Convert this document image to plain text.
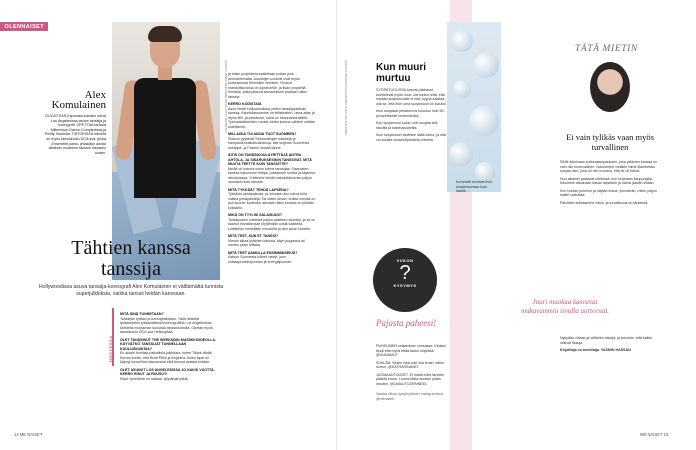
OLENNAISET
Alex Komulainen
23-VUOTIAS Espoosta kotoisin oleva Los Angelesissa asuva tanssija ja koreografi. OPETTAA tanssia Millennium Dance Complexissa ja Pmilly Studiolla. TIKTOKISSA hänellä on myös tanssikoulu DCA:ssa, jonka Ensemble-valmi- jesiskäyn alusta aikaisiin modernin tanssin mestarin uuden.
TEKSTI LINNEA MURROBE KUVA LOTTA RUOKOLIA
Tähtien kanssa
tanssija
Hollywoodissa asuva tanssija-koreografi Alex Komulainen ei välttämättä tunnista superjulkkiksia, vaikka tanssii heidän kanssaan.
HOSTESSA

MITÄ SINÄ TUNNETAAN?
Tanssijan työtäni ja koreografioitani. Tällä hetkellä työskentelen pääasiallisesti koreografina Los Angelesissa kahdella muutaman kuulusta tanssistudiolla. Opetan myös tanssikoulu DCA:ssa Helsingissä.

OLET TANSSINUT THE WEEKNDIN MUSIIKKIVIDEOLLA. KÄYVÄTKÖ TANSSIJAT TUNNELLAAN KUULUISUUKSIA?
En aikain tunnista paikallisia julkkiksia, kuten Tiktok-tähtiä. Kerran kuulin, että Brad Pittin ja Angelina Jolien lapsi oli käynyt tunneillani kasvavana eikä tiennyt asiasta mitään.

OLET ASUNUT LOS ANGELESISSA JO KAKSI VUOTTA. KERRO RISUT JA RUUSUT!
Risut: työelämä on raakaa, työpäivät pitkiä,

ja toisin projektista saattetaan poltaa pois perustelematta. Asuntojen vuokrat ovat myös korkeammat Helsinkiin verraten. Ruusut: mahdollisuuksia on loputtomiin, ja ilsan ympärillä ihmisillä, jotka jakavat samanlaisen palavan halun tanssia.

KERRO KODISTASI.
Asun North Hollywoodissa yhden tanssijaystävän kanssa. Asuntolassamme on leffateatteri, uima-allas ja myös tiiili- ja pesukone, mikä on harvinaista täällä. Työmatkakiireiden vuoksi vietän kotona vähiten mitään todellisesti.

MILLAISIA TULIAISIA TUOT SUOMEEN?
Siskoni pyytävät Yhdysvaltojen karkkeja ja hampaidenvalkaisuliuskoja. Itse kuljetan Suomesta ruisleipä- ja Fazerin sinistä tänne.

ÄITIS ON TANSSIKOULUYRITTÄJÄ ANTRA AHTOLA, JA SISARUKSESIKIN TANSSIVAT. MITÄ MUUTA TEETTE KUIN TANSSITTE?
Meillä on kotona usein kolme tanssijaa. Sisarusten kanssa katsomme leffoja, pelaamme korttia ja käymme ravintolassa. Yritämme tehdä mahdollisimman paljon muutakin kuin tanssia.

MITÄ TYKKÄÄT TEHDÄ LAPSENA?
Tykkäsin pesäpallosta, ja minusta olisi voinut tulla vaikka pesäpalloilija. Tai sitten uimari, koska minulla on isot kourat. Kuitenkin aikuisen äitini kanssa on pitkään kokkailtu.

MIKÄ ON TYYLISI SALAISUUS?
Tanssijoiden mielestä paljon vaatteen siluettia, ja se on saanut innostamaan löytämään uusia vaatteita. Leikittelen mielellään muodolla ja den avoin uudelle.

MITÄ TEET, KUN ET TANSSI?
Viestin aikaa ystävien kanssa, käyn joogassa tai menen yksin leffaan.

MITÄ TEET AAMULLA ENSIMMÄISEKSI?
Katson Suomesta tulleet viestit, joon suklaaproteiinijuoman ja energiajuoman.

14 ME NAISET
TEKSTIT MARTINA KALVIAINEN, KUVA SALAISUUDET	Kun muuri murtuu

SYÖPÄTUOLISSA koevat pakkaset koettelevat myös ihoa. Jos tuntuu siltä, että mikään kosteusvoide ei riitä, syynä saattaa olla se, että ihon oma suojamuuri on kuluksi.

Ihon suojaava pintakerros koostuu noin 50-prosenttisesti keramideista.

Kun suojamuuri kuluu, voit suojata sitä rasvilla ja kosteusvoiteilla.

Ihon suojamuuri tarvitsee lisää tukea, ja sitä voi korjata ceramidipitoisilla voiteilla.

Keramidit toimivat ihon suojamuurissa kuin laastin ...
VIIKON
?
KYSYMYS
Pajasta paheesi!

PUHELIMEN selaaminen vessassa. Kinakin tiesä ettei hyvä ettää tauko nöytöstä. @OUNAMUT

SUKLAA. Viiden eikä voin olla ilman, sitten sorrun. @KATHARINAVAT

JUOMAAUTOUSET. Ei mistä edes tarvitse päästä eroon. Luonnollista muuten pidän muuten. @LMAIUTIJOHNNEEL

Vastaa viikon kysymykseen instagramissa @menaiset
TÄTÄ MIETIN
Ei vain tylikäs vaan myös turvallinen

SAIN aikoinaan kutturakampauksen, joka ystävien kanssa se vain niin tuntuvallinen. Naurumme vieläkin viime tilanteessa suojaa olen, joka oli niin mukava, että se oli tuttua.

Nuo aikaiset palaavat mielessä, kun kuljetaan kaupungilla. Kävimme aikoinaan kasan lapsetkin ja nämä jäävät rintaan.

Kun hoidan puhelun ja näytän kotoa, ymmärrän, miten paljon kaikki vaikuttaa.

Päivittäin kohtaamme riskin, ja turvallisuus on tärkeintä.

Juuri muokaa kasvavat mukavammin sivulla uurteessa.

Nykyään vihaan ja välttelen riskejä, ja toivoisin, että kaikki olisivat fiksuja.

Kirjoittaja on toimittaja. YASMIN HASSAN

ME NAISET 15
